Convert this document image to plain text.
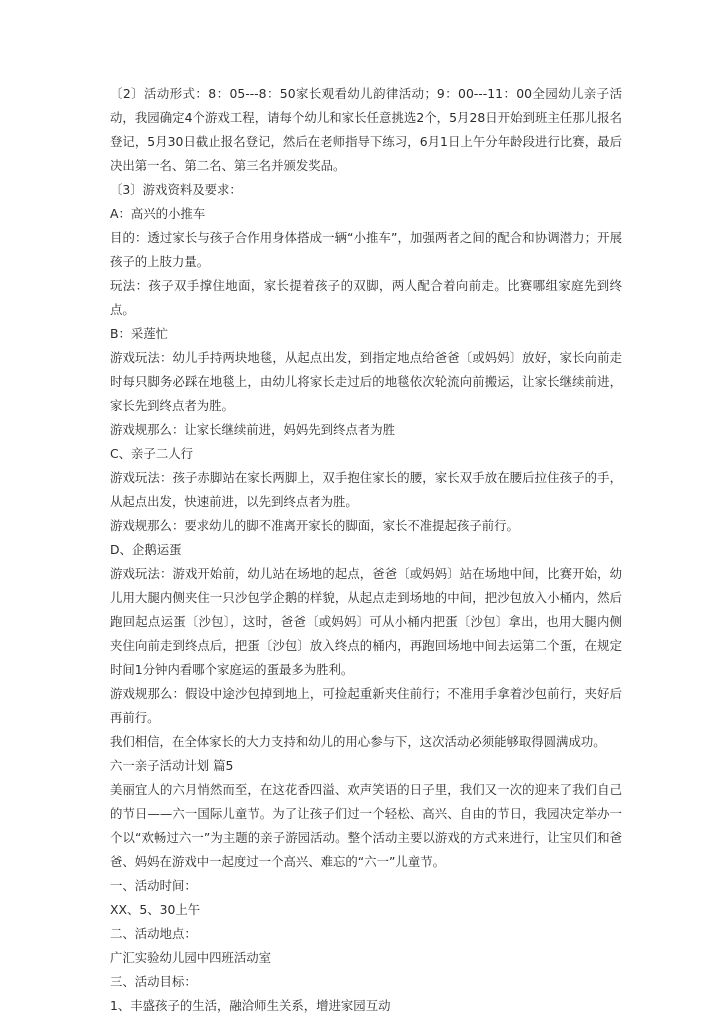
〔2〕活动形式：8：05---8：50家长观看幼儿韵律活动；9：00---11：00全园幼儿亲子活动，我园确定4个游戏工程，请每个幼儿和家长任意挑选2个，5月28日开始到班主任那儿报名登记，5月30日截止报名登记，然后在老师指导下练习，6月1日上午分年龄段进行比赛，最后决出第一名、第二名、第三名并颁发奖品。

〔3〕游戏资料及要求：

A：高兴的小推车

目的：透过家长与孩子合作用身体搭成一辆“小推车”，加强两者之间的配合和协调潜力；开展孩子的上肢力量。

玩法：孩子双手撑住地面，家长提着孩子的双脚，两人配合着向前走。比赛哪组家庭先到终点。

B：采莲忙

游戏玩法：幼儿手持两块地毯，从起点出发，到指定地点给爸爸〔或妈妈〕放好，家长向前走时每只脚务必踩在地毯上，由幼儿将家长走过后的地毯依次轮流向前搬运，让家长继续前进，家长先到终点者为胜。

游戏规那么：让家长继续前进，妈妈先到终点者为胜

C、亲子二人行

游戏玩法：孩子赤脚站在家长两脚上，双手抱住家长的腰，家长双手放在腰后拉住孩子的手，从起点出发，快速前进，以先到终点者为胜。

游戏规那么：要求幼儿的脚不准离开家长的脚面，家长不准提起孩子前行。

D、企鹅运蛋

游戏玩法：游戏开始前，幼儿站在场地的起点，爸爸〔或妈妈〕站在场地中间，比赛开始，幼儿用大腿内侧夹住一只沙包学企鹅的样貌，从起点走到场地的中间，把沙包放入小桶内，然后跑回起点运蛋〔沙包〕，这时，爸爸〔或妈妈〕可从小桶内把蛋〔沙包〕拿出，也用大腿内侧夹住向前走到终点后，把蛋〔沙包〕放入终点的桶内，再跑回场地中间去运第二个蛋，在规定时间1分钟内看哪个家庭运的蛋最多为胜利。

游戏规那么：假设中途沙包掉到地上，可捡起重新夹住前行；不准用手拿着沙包前行，夹好后再前行。

我们相信，在全体家长的大力支持和幼儿的用心参与下，这次活动必须能够取得圆满成功。

六一亲子活动计划 篇5

美丽宜人的六月悄然而至，在这花香四溢、欢声笑语的日子里，我们又一次的迎来了我们自己的节日——六一国际儿童节。为了让孩子们过一个轻松、高兴、自由的节日，我园决定举办一个以“欢畅过六一”为主题的亲子游园活动。整个活动主要以游戏的方式来进行，让宝贝们和爸爸、妈妈在游戏中一起度过一个高兴、难忘的“六一”儿童节。

一、活动时间：

XX、5、30上午

二、活动地点：

广汇实验幼儿园中四班活动室

三、活动目标：

1、丰盛孩子的生活，融洽师生关系，增进家园互动
